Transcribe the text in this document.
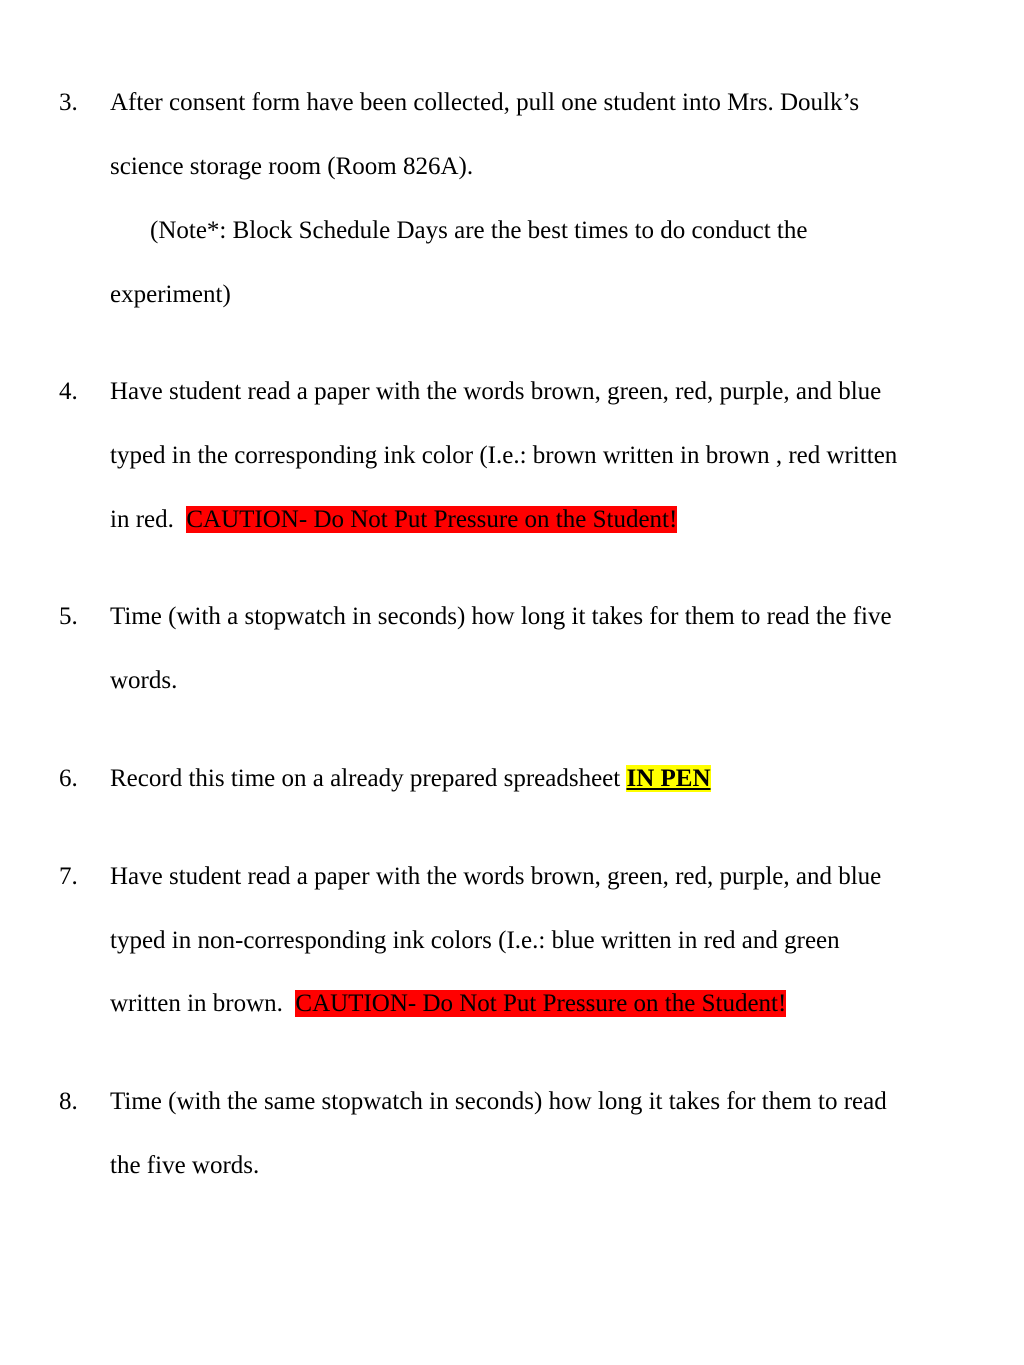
3. After consent form have been collected, pull one student into Mrs. Doulk’s
science storage room (Room 826A).
(Note*: Block Schedule Days are the best times to do conduct the
experiment)
4. Have student read a paper with the words brown, green, red, purple, and blue
typed in the corresponding ink color (I.e.: brown written in brown , red written
in red. CAUTION- Do Not Put Pressure on the Student!
5. Time (with a stopwatch in seconds) how long it takes for them to read the five
words.
6. Record this time on a already prepared spreadsheet IN PEN
7. Have student read a paper with the words brown, green, red, purple, and blue
typed in non-corresponding ink colors (I.e.: blue written in red and green
written in brown. CAUTION- Do Not Put Pressure on the Student!
8. Time (with the same stopwatch in seconds) how long it takes for them to read
the five words.
